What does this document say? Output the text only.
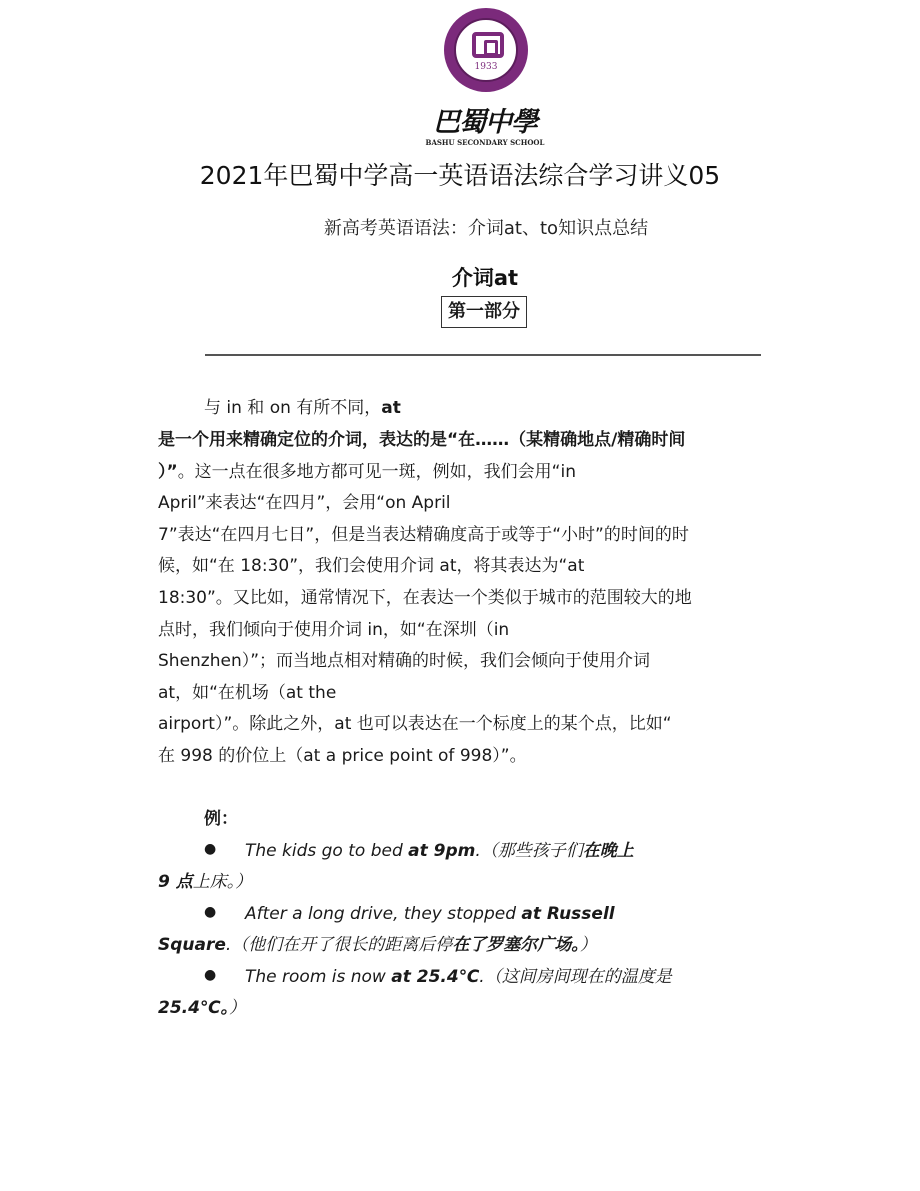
1933
巴蜀中學
BASHU SECONDARY SCHOOL
2021年巴蜀中学高一英语语法综合学习讲义05
新高考英语语法：介词at、to知识点总结
介词at
第一部分
与 in 和 on 有所不同，at
是一个用来精确定位的介词，表达的是“在……（某精确地点/精确时间
）”。这一点在很多地方都可见一斑，例如，我们会用“in
April”来表达“在四月”，会用“on April
7”表达“在四月七日”，但是当表达精确度高于或等于“小时”的时间的时
候，如“在 18:30”，我们会使用介词 at，将其表达为“at
18:30”。又比如，通常情况下，在表达一个类似于城市的范围较大的地
点时，我们倾向于使用介词 in，如“在深圳（in
Shenzhen）”；而当地点相对精确的时候，我们会倾向于使用介词
at，如“在机场（at the
airport）”。除此之外，at 也可以表达在一个标度上的某个点，比如“
在 998 的价位上（at a price point of 998）”。
例：
● The kids go to bed at 9pm.（那些孩子们在晚上
9 点上床。）
● After a long drive, they stopped at Russell
Square.（他们在开了很长的距离后停在了罗塞尔广场。）
● The room is now at 25.4℃.（这间房间现在的温度是
25.4℃。）
